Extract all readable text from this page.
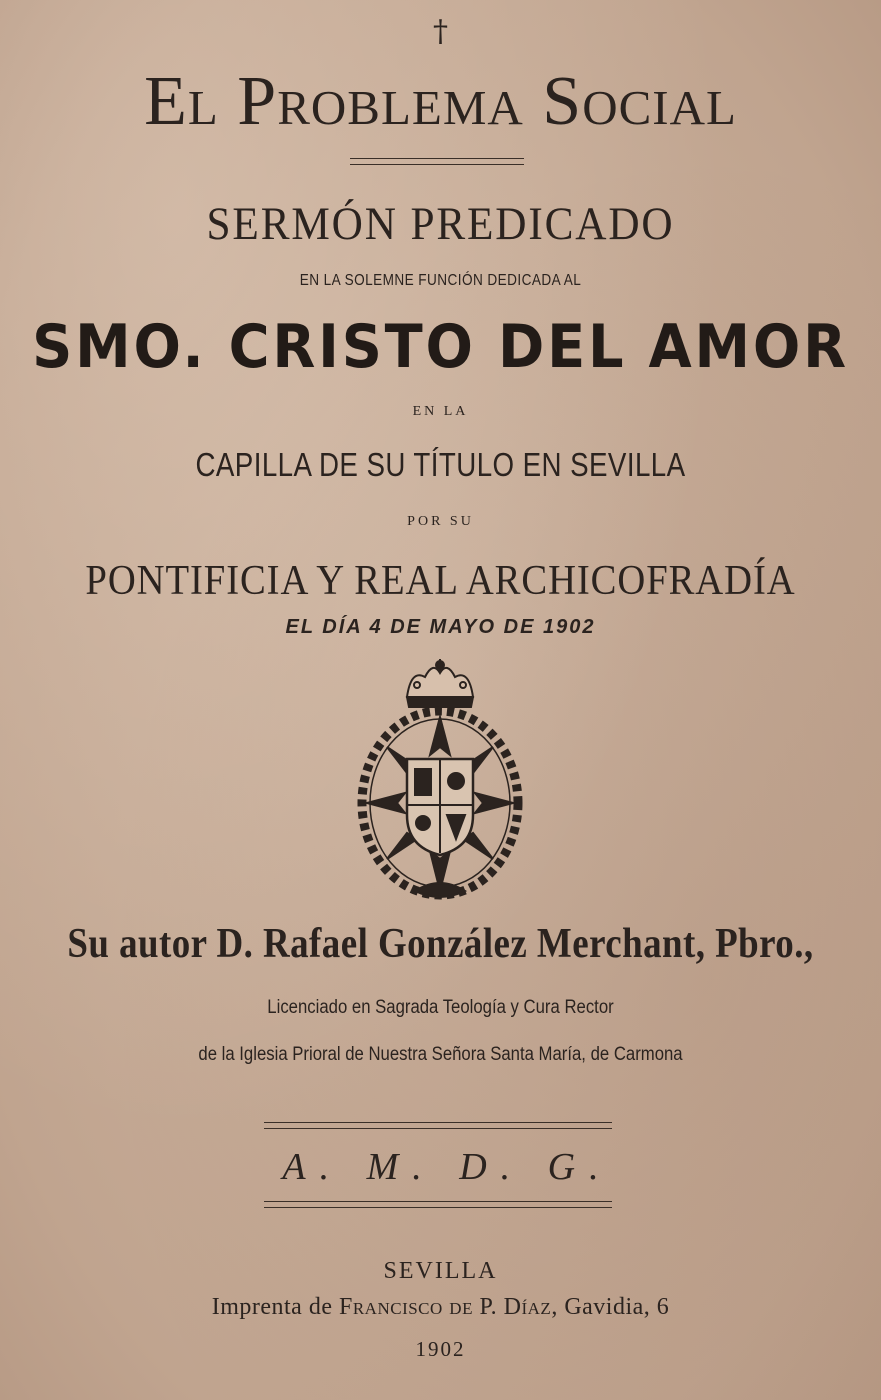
†
El Problema Social
SERMÓN PREDICADO
EN LA SOLEMNE FUNCIÓN DEDICADA AL
SMO. CRISTO DEL AMOR
EN LA
CAPILLA DE SU TÍTULO EN SEVILLA
POR SU
PONTIFICIA Y REAL ARCHICOFRADÍA
EL DÍA 4 DE MAYO DE 1902
Su autor D. Rafael González Merchant, Pbro.,
Licenciado en Sagrada Teología y Cura Rector
de la Iglesia Prioral de Nuestra Señora Santa María, de Carmona
A. M. D. G.
SEVILLA
Imprenta de Francisco de P. Díaz, Gavidia, 6
1902
